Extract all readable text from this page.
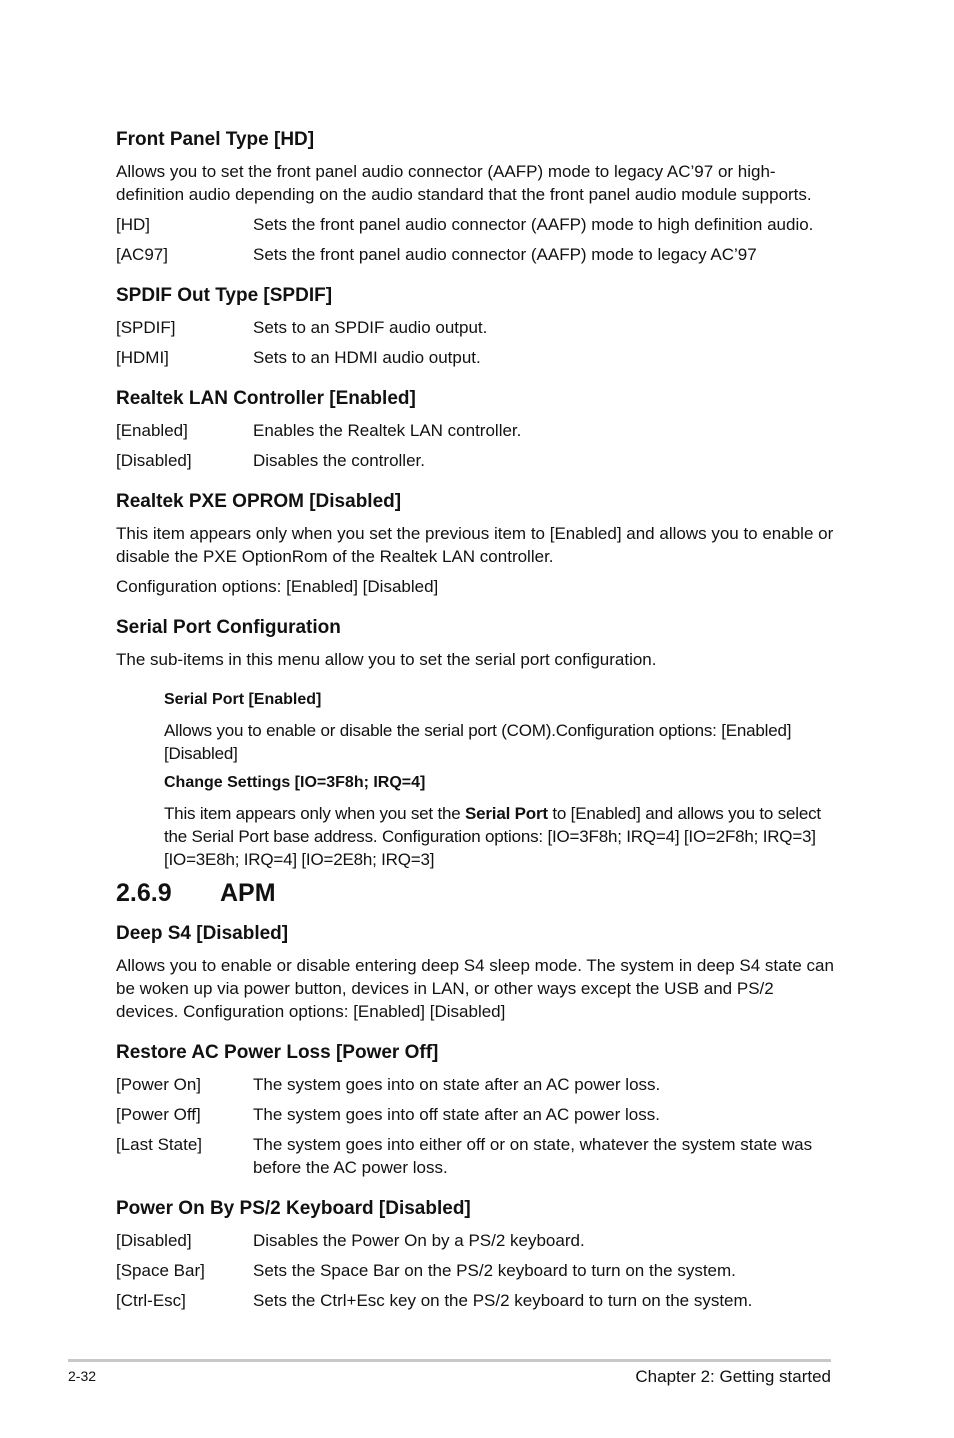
Front Panel Type [HD]
Allows you to set the front panel audio connector (AAFP) mode to legacy AC’97 or high-definition audio depending on the audio standard that the front panel audio module supports.
[HD]	Sets the front panel audio connector (AAFP) mode to high definition audio.
[AC97]	Sets the front panel audio connector (AAFP) mode to legacy AC’97
SPDIF Out Type [SPDIF]
[SPDIF]	Sets to an SPDIF audio output.
[HDMI]	Sets to an HDMI audio output.
Realtek LAN Controller [Enabled]
[Enabled]	Enables the Realtek LAN controller.
[Disabled]	Disables the controller.
Realtek PXE OPROM [Disabled]
This item appears only when you set the previous item to [Enabled] and allows you to enable or disable the PXE OptionRom of the Realtek LAN controller.
Configuration options: [Enabled] [Disabled]
Serial Port Configuration
The sub-items in this menu allow you to set the serial port configuration.
Serial Port [Enabled]
Allows you to enable or disable the serial port (COM).Configuration options: [Enabled] [Disabled]
Change Settings [IO=3F8h; IRQ=4]
This item appears only when you set the Serial Port to [Enabled] and allows you to select the Serial Port base address. Configuration options: [IO=3F8h; IRQ=4] [IO=2F8h; IRQ=3] [IO=3E8h; IRQ=4] [IO=2E8h; IRQ=3]
2.6.9	APM
Deep S4 [Disabled]
Allows you to enable or disable entering deep S4 sleep mode. The system in deep S4 state can be woken up via power button, devices in LAN, or other ways except the USB and PS/2 devices. Configuration options: [Enabled] [Disabled]
Restore AC Power Loss [Power Off]
[Power On]	The system goes into on state after an AC power loss.
[Power Off]	The system goes into off state after an AC power loss.
[Last State]	The system goes into either off or on state, whatever the system state was before the AC power loss.
Power On By PS/2 Keyboard [Disabled]
[Disabled]	Disables the Power On by a PS/2 keyboard.
[Space Bar]	Sets the Space Bar on the PS/2 keyboard to turn on the system.
[Ctrl-Esc]	Sets the Ctrl+Esc key on the PS/2 keyboard to turn on the system.
2-32	Chapter 2: Getting started
